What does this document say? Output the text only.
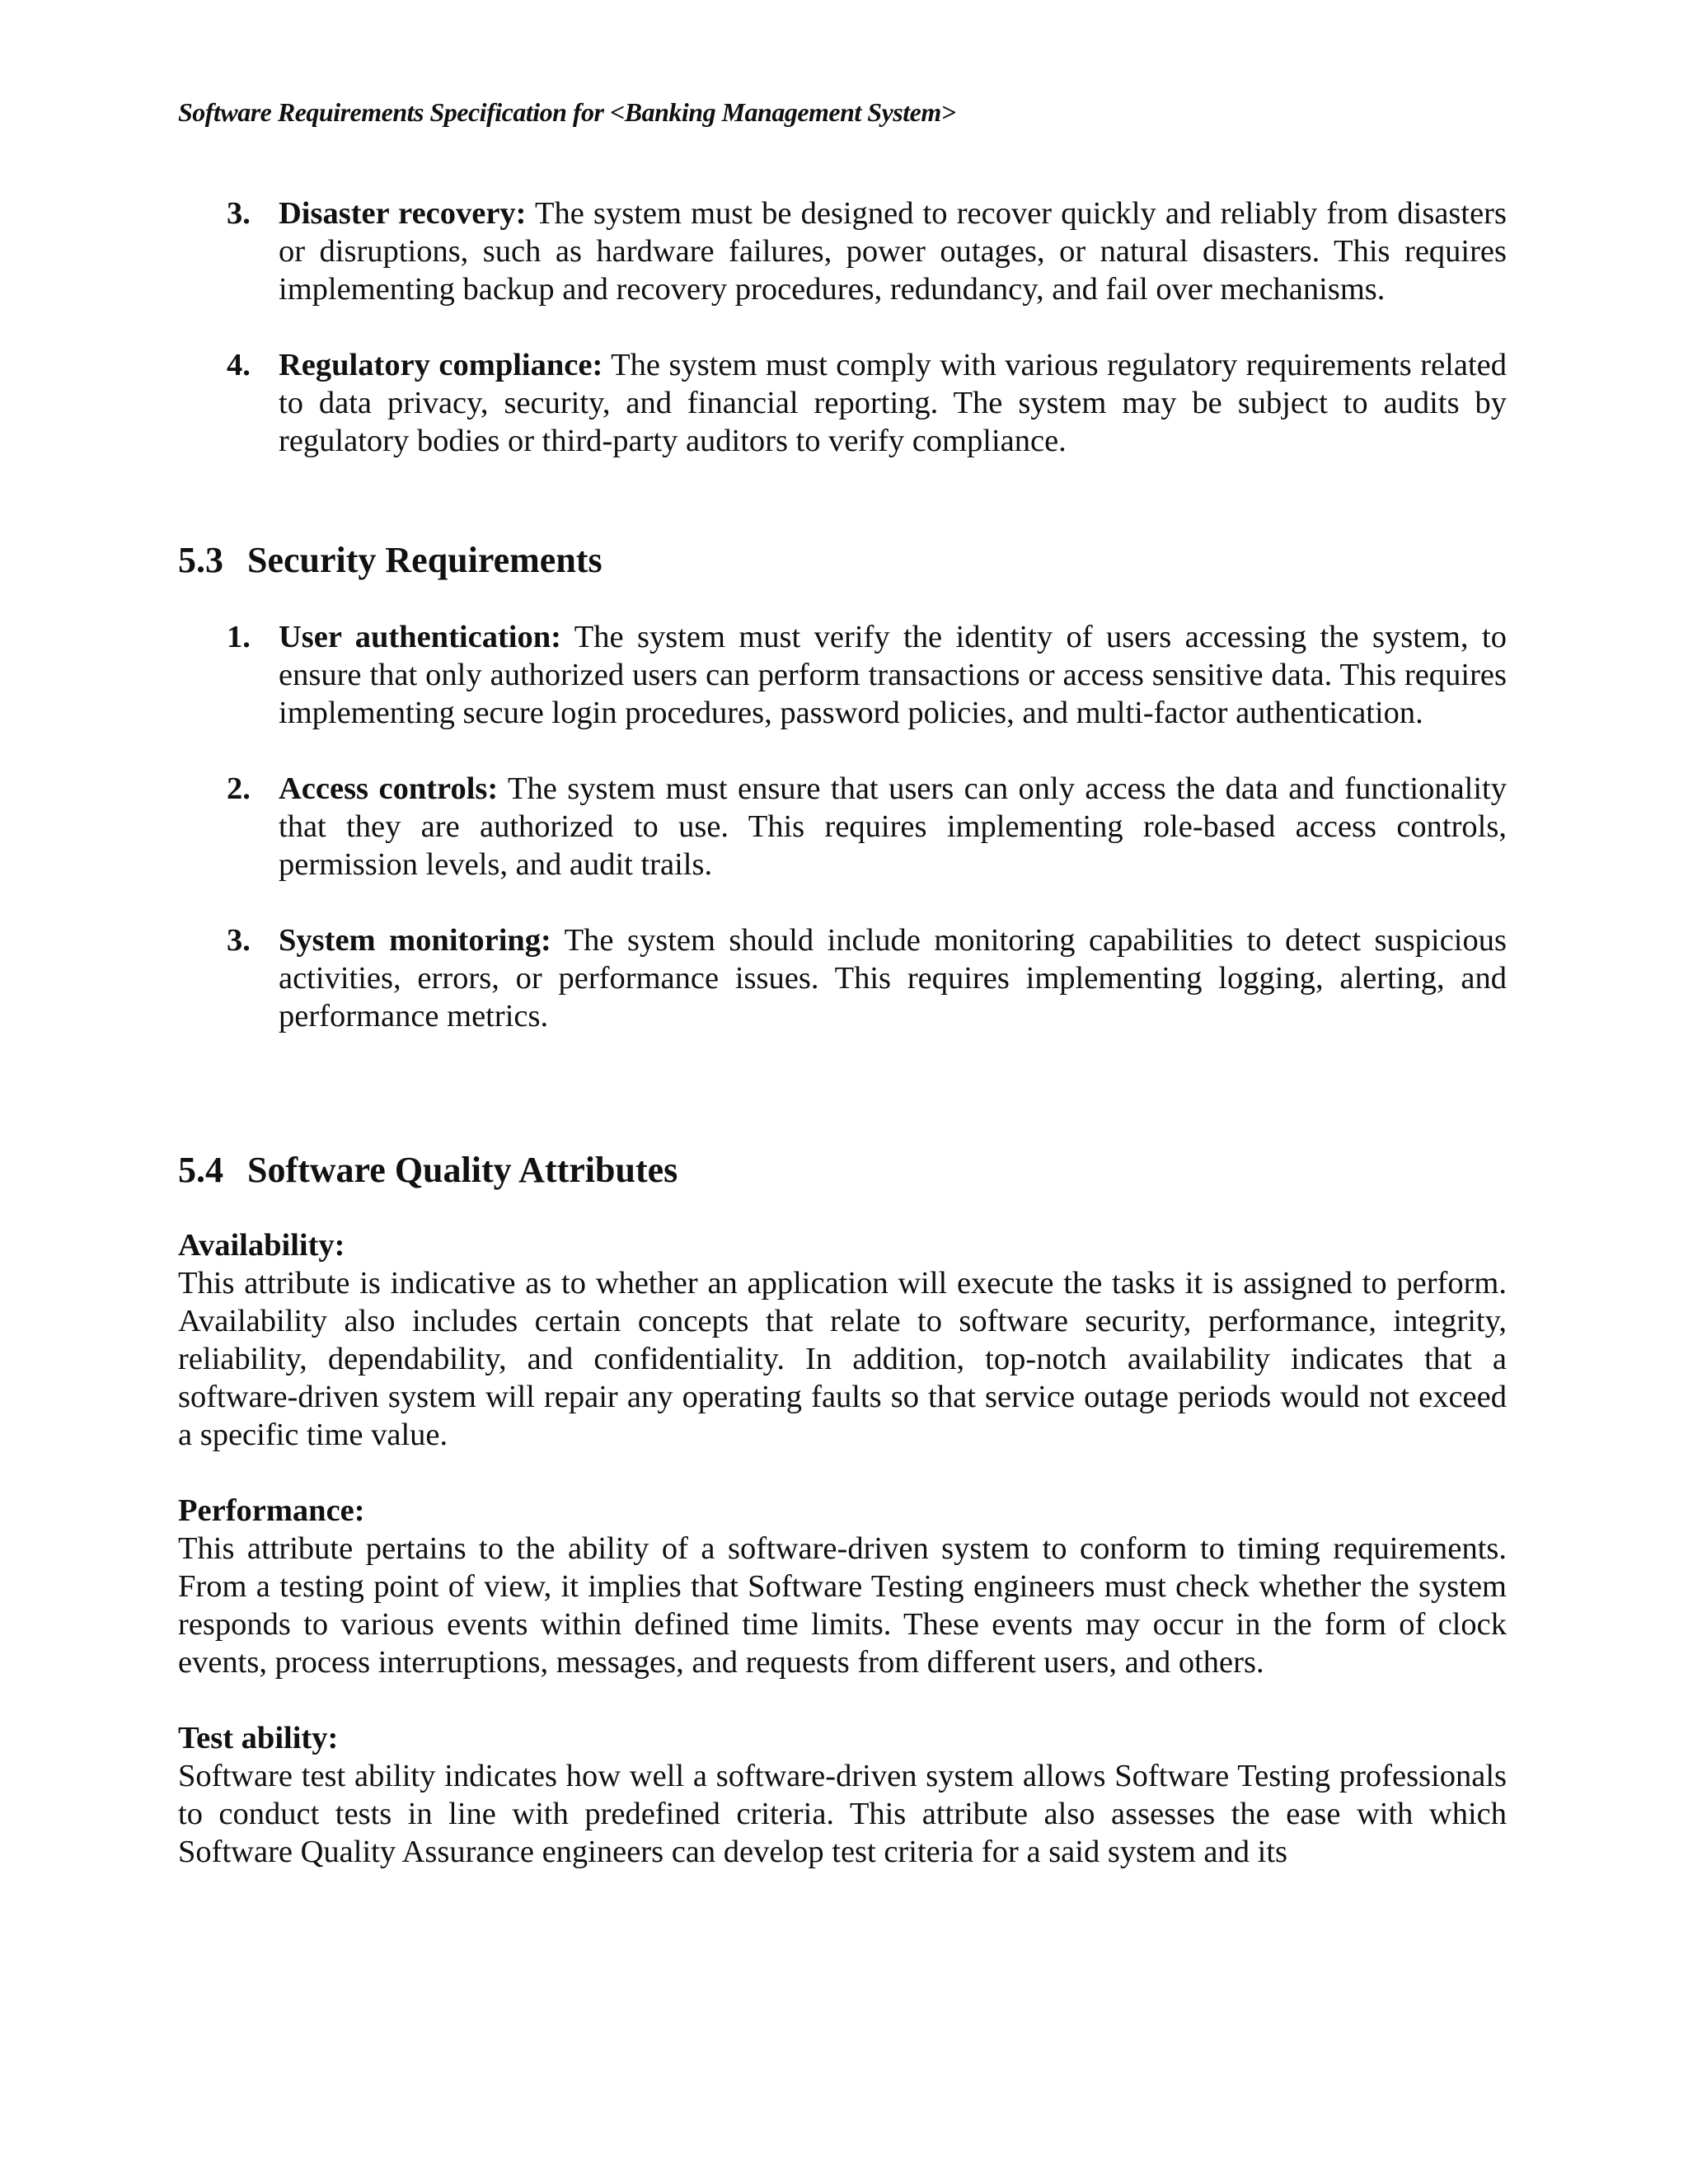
Software Requirements Specification for <Banking Management System>
3. Disaster recovery: The system must be designed to recover quickly and reliably from disasters or disruptions, such as hardware failures, power outages, or natural disasters. This requires implementing backup and recovery procedures, redundancy, and fail over mechanisms.
4. Regulatory compliance: The system must comply with various regulatory requirements related to data privacy, security, and financial reporting. The system may be subject to audits by regulatory bodies or third-party auditors to verify compliance.
5.3 Security Requirements
1. User authentication: The system must verify the identity of users accessing the system, to ensure that only authorized users can perform transactions or access sensitive data. This requires implementing secure login procedures, password policies, and multi-factor authentication.
2. Access controls: The system must ensure that users can only access the data and functionality that they are authorized to use. This requires implementing role-based access controls, permission levels, and audit trails.
3. System monitoring: The system should include monitoring capabilities to detect suspicious activities, errors, or performance issues. This requires implementing logging, alerting, and performance metrics.
5.4 Software Quality Attributes
Availability:
This attribute is indicative as to whether an application will execute the tasks it is assigned to perform. Availability also includes certain concepts that relate to software security, performance, integrity, reliability, dependability, and confidentiality. In addition, top-notch availability indicates that a software-driven system will repair any operating faults so that service outage periods would not exceed a specific time value.
Performance:
This attribute pertains to the ability of a software-driven system to conform to timing requirements. From a testing point of view, it implies that Software Testing engineers must check whether the system responds to various events within defined time limits. These events may occur in the form of clock events, process interruptions, messages, and requests from different users, and others.
Test ability:
Software test ability indicates how well a software-driven system allows Software Testing professionals to conduct tests in line with predefined criteria. This attribute also assesses the ease with which Software Quality Assurance engineers can develop test criteria for a said system and its
